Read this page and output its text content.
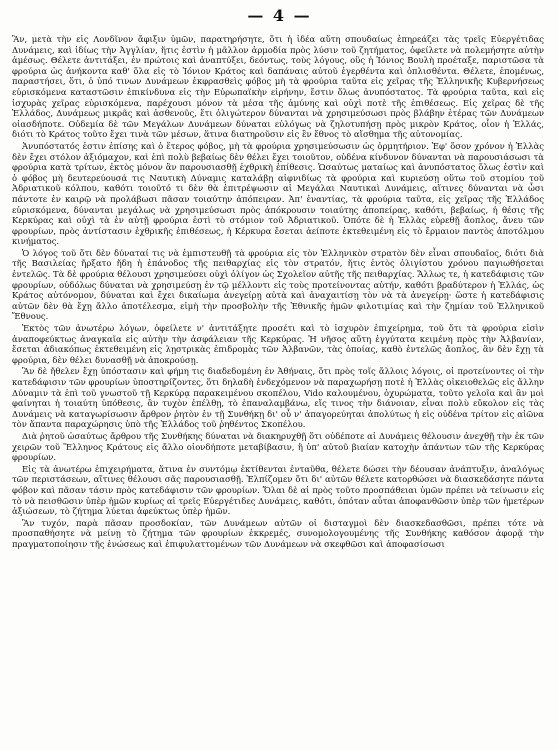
— 4 —

Ἂν, μετὰ τὴν εἰς Λονδῖνον ἄφιξιν ὑμῶν, παρατηρήσητε, ὅτι ἡ ἰδέα αὕτη σπουδαίως ἐπηρεάζει τὰς τρεῖς Εὐεργέτιδας Δυνάμεις, καὶ ἰδίως τὴν Ἀγγλίαν, ἥτις ἐστὶν ἡ μᾶλλον ἁρμοδία πρὸς λύσιν τοῦ ζητήματος, ὀφείλετε νὰ πολεμήσητε αὐτὴν ἀμέσως. Θέλετε ἀντιτάξει, ἐν πρώτοις καὶ ἀναπτύξει, δεόντως, τοὺς λόγους, οὓς ἡ Ἰόνιος Βουλὴ προέταξε, παριστῶσα τὰ φρούρια ὡς ἀνήκοντα καθ' ὅλα εἰς τὸ Ἰόνιον Κράτος καὶ δαπάναις αὐτοῦ ἐγερθέντα καὶ ὁπλισθέντα. Θέλετε, ἐπομένως, παραστήσει, ὅτι, ὁ ὑπό τινων Δυνάμεων ἐκφρασθεὶς φόβος μὴ τὰ φρούρια ταῦτα εἰς χεῖρας τῆς Ἑλληνικῆς Κυβερνήσεως εὑρισκόμενα καταστῶσιν ἐπικίνδυνα εἰς τὴν Εὐρωπαϊκὴν εἰρήνην, ἔστιν ὅλως ἀνυπόστατος. Τὰ φρούρια ταῦτα, καὶ εἰς ἰσχυρὰς χεῖρας εὑρισκόμενα, παρέχουσι μόνον τὰ μέσα τῆς ἀμύνης καὶ οὐχὶ ποτὲ τῆς ἐπιθέσεως. Εἰς χεῖρας δὲ τῆς Ἑλλάδος, Δυνάμεως μικρᾶς καὶ ἀσθενοῦς, ἔτι ὀλιγώτερον δύνανται νὰ χρησιμεύσωσι πρὸς βλάβην ἑτέρας τῶν Δυνάμεων οἱασδήποτε. Οὐδεμία δὲ τῶν Μεγάλων Δυνάμεων δύναται εὐλόγως νὰ ζηλοτυπήσῃ πρὸς μικρὸν Κράτος, οἷον ἡ Ἑλλάς, διότι τὸ Κράτος τοῦτο ἔχει τινὰ τῶν μέσων, ἅτινα διατηροῦσιν εἰς ἓν ἔθνος τὸ αἴσθημα τῆς αὐτονομίας.

Ἀνυπόστατός ἐστιν ἐπίσης καὶ ὁ ἕτερος φόβος, μὴ τὰ φρούρια χρησιμεύσωσιν ὡς ὁρμητήριον. Ἐφ' ὅσον χρόνον ἡ Ἑλλὰς δὲν ἔχει στόλον ἀξιόμαχον, καὶ ἐπὶ πολὺ βεβαίως δὲν θέλει ἔχει τοιοῦτον, οὐδένα κίνδυνον δύνανται νὰ παρουσιάσωσι τὰ φρούρια κατὰ τρίτων, ἐκτὸς μόνον ἂν παρουσιασθῇ ἐχθρικὴ ἐπίθεσις. Ὡσαύτως ματαίως καὶ ἀνυπόστατος ὅλως ἐστὶν καὶ ὁ φόβος μὴ δευτερεύουσά τις Ναυτικὴ Δύναμις καταλάβῃ αἰφνιδίως τὰ φρούρια καὶ κυριεύσῃ οὕτω τοῦ στομίου τοῦ Ἀδριατικοῦ κόλπου, καθότι τοιοῦτό τι δὲν θὰ ἐπιτρέψωσιν αἱ Μεγάλαι Ναυτικαὶ Δυνάμεις, αἵτινες δύνανται νὰ ὦσι πάντοτε ἐν καιρῷ νὰ προλάβωσι πᾶσαν τοιαύτην ἀπόπειραν. Ἀπ' ἐναντίας, τὰ φρούρια ταῦτα, εἰς χεῖρας τῆς Ἑλλάδος εὑρισκόμενα, δύνανται μεγάλως νὰ χρησιμεύσωσι πρὸς ἀπόκρουσιν τοιαύτης ἀποπείρας, καθότι, βεβαίως, ἡ θέσις τῆς Κερκύρας καὶ οὐχὶ τὰ ἐν αὐτῇ φρούρια ἐστὶ τὸ στόμιον τοῦ Ἀδριατικοῦ. Ὁπότε δὲ ἡ Ἑλλὰς εὑρεθῇ ἄοπλος, ἄνευ τῶν φρουρίων, πρὸς ἀντίστασιν ἐχθρικῆς ἐπιθέσεως, ἡ Κέρκυρα ἔσεται ἀείποτε ἐκτεθειμένη εἰς τὸ ἔρμαιον παντὸς ἀποτόλμου κινήματος.

Ὁ λόγος τοῦ ὅτι δὲν δύναταί τις νὰ ἐμπιστευθῇ τὰ φρούρια εἰς τὸν Ἑλληνικὸν στρατὸν δὲν εἶναι σπουδαῖος, διότι διὰ τῆς Βασιλείας ἤρξατο ἤδη ἡ ἐπάνοδος τῆς πειθαρχίας εἰς τὸν στρατόν, ἥτις ἐντὸς ὀλιγίστου χρόνου παγιωθήσεται ἐντελῶς. Τὰ δὲ φρούρια θέλουσι χρησιμεύσει οὐχὶ ὀλίγον ὡς Σχολεῖον αὐτῆς τῆς πειθαρχίας. Ἄλλως τε, ἡ κατεδάφισις τῶν φρουρίων, οὐδόλως δύναται νὰ χρησιμεύσῃ ἐν τῷ μέλλοντι εἰς τοὺς προτείνοντας αὐτήν, καθότι βραδύτερον ἡ Ἑλλάς, ὡς Κράτος αὐτόνομον, δύναται καὶ ἔχει δικαίωμα ἀνεγείρῃ αὐτὰ καὶ ἀναχαιτίσῃ τὸν νὰ τὰ ἀνεγείρῃ· ὥστε ἡ κατεδάφισις αὐτῶν δὲν θὰ ἔχῃ ἄλλο ἀποτέλεσμα, εἰμὴ τὴν προσβολὴν τῆς Ἐθνικῆς ἡμῶν φιλοτιμίας καὶ τὴν ζημίαν τοῦ Ἑλληνικοῦ Ἔθνους.

Ἐκτὸς τῶν ἀνωτέρω λόγων, ὀφείλετε ν' ἀντιτάξητε προσέτι καὶ τὸ ἰσχυρὸν ἐπιχείρημα, τοῦ ὅτι τὰ φρούρια εἰσὶν ἀναποφεύκτως ἀναγκαῖα εἰς αὐτὴν τὴν ἀσφάλειαν τῆς Κερκύρας. Ἡ νῆσος αὕτη ἐγγύτατα κειμένη πρὸς τὴν Ἀλβανίαν, ἔσεται ἀδιακόπως ἐκτεθειμένη εἰς λῃστρικὰς ἐπιδρομὰς τῶν Ἀλβανῶν, τὰς ὁποίας, καθὸ ἐντελῶς ἄοπλος, ἂν δὲν ἔχῃ τὰ φρούρια, δὲν θέλει δυνασθῇ νὰ ἀποκρούσῃ.

Ἂν δὲ ἤθελεν ἔχῃ ὑπόστασιν καὶ φήμη τις διαδεδομένη ἐν Ἀθήναις, ὅτι πρὸς τοῖς ἄλλοις λόγοις, οἱ προτείνοντες οἱ τὴν κατεδάφισιν τῶν φρουρίων ὑποστηρίζοντες, ὅτι δηλαδὴ ἐνδεχόμενον νὰ παραχωρήσῃ ποτὲ ἡ Ἑλλὰς οἰκειοθελῶς εἰς ἄλλην Δύναμιν τὰ ἐπὶ τοῦ γνωστοῦ τῇ Κερκύρᾳ παρακειμένου σκοπέλου, Vido καλουμένου, ὀχυρώματα, τοῦτο γελοῖα καὶ ἂν μοὶ φαίνηται ἡ τοιαύτη ὑπόθεσις, ἂν τυχὸν ἐπέλθῃ, τὸ ἐπαναλαμβάνω, εἴς τινος τὴν διάνοιαν, εἶναι πολὺ εὔκολον εἰς τὰς Δυνάμεις νὰ καταγωρίσωσιν ἄρθρον ῥητὸν ἐν τῇ Συνθήκῃ δι' οὗ ν' ἀπαγορεύηται ἀπολύτως ἡ εἰς οὐδένα τρίτον εἰς αἰῶνα τὸν ἅπαντα παραχώρησις ὑπὸ τῆς Ἑλλάδος τοῦ ῥηθέντος Σκοπέλου.

Διὰ ῥητοῦ ὡσαύτως ἄρθρου τῆς Συνθήκης δύναται νὰ διακηρυχθῇ ὅτι οὐδέποτε αἱ Δυνάμεις θέλουσιν ἀνεχθῇ τὴν ἐκ τῶν χειρῶν τοῦ Ἕλληνος Κράτους εἰς ἄλλο οἱονδήποτε μεταβίβασιν, ἢ ὑπ' αὐτοῦ βιαίαν κατοχὴν ἁπάντων τῶν τῆς Κερκύρας φρουρίων.

Εἰς τὰ ἀνωτέρω ἐπιχειρήματα, ἅτινα ἐν συντόμῳ ἐκτίθενται ἐνταῦθα, θέλετε δώσει τὴν δέουσαν ἀνάπτυξιν, ἀναλόγως τῶν περιστάσεων, αἵτινες θέλουσι σᾶς παρουσιασθῇ. Ἐλπίζομεν ὅτι δι' αὐτῶν θέλετε κατορθώσει νὰ διασκεδάσητε πάντα φόβον καὶ πᾶσαν τάσιν πρὸς κατεδάφισιν τῶν φρουρίων. Ὅλαι δὲ αἱ πρὸς τοῦτο προσπάθειαι ὑμῶν πρέπει νὰ τείνωσιν εἰς τὸ νὰ πεισθῶσιν ὑπὲρ ἡμῶν κυρίως αἱ τρεῖς Εὐεργέτιδες Δυνάμεις, καθότι, ὁπόταν αὗται ἀποφανθῶσιν ὑπὲρ τῶν ἡμετέρων ἀξιώσεων, τὸ ζήτημα λύεται ἀφεύκτως ὑπὲρ ἡμῶν.

Ἂν τυχόν, παρὰ πᾶσαν προσδοκίαν, τῶν Δυνάμεων αὐτῶν οἱ δισταγμοὶ δὲν διασκεδασθῶσι, πρέπει τότε νὰ προσπαθήσητε νὰ μείνῃ τὸ ζήτημα τῶν φρουρίων ἐκκρεμές, συνομολογουμένης τῆς Συνθήκης καθόσον ἀφορᾷ τὴν πραγματοποίησιν τῆς ἑνώσεως καὶ ἐπιφυλαττομένων τῶν Δυνάμεων νὰ σκεφθῶσι καὶ ἀποφασίσωσι
